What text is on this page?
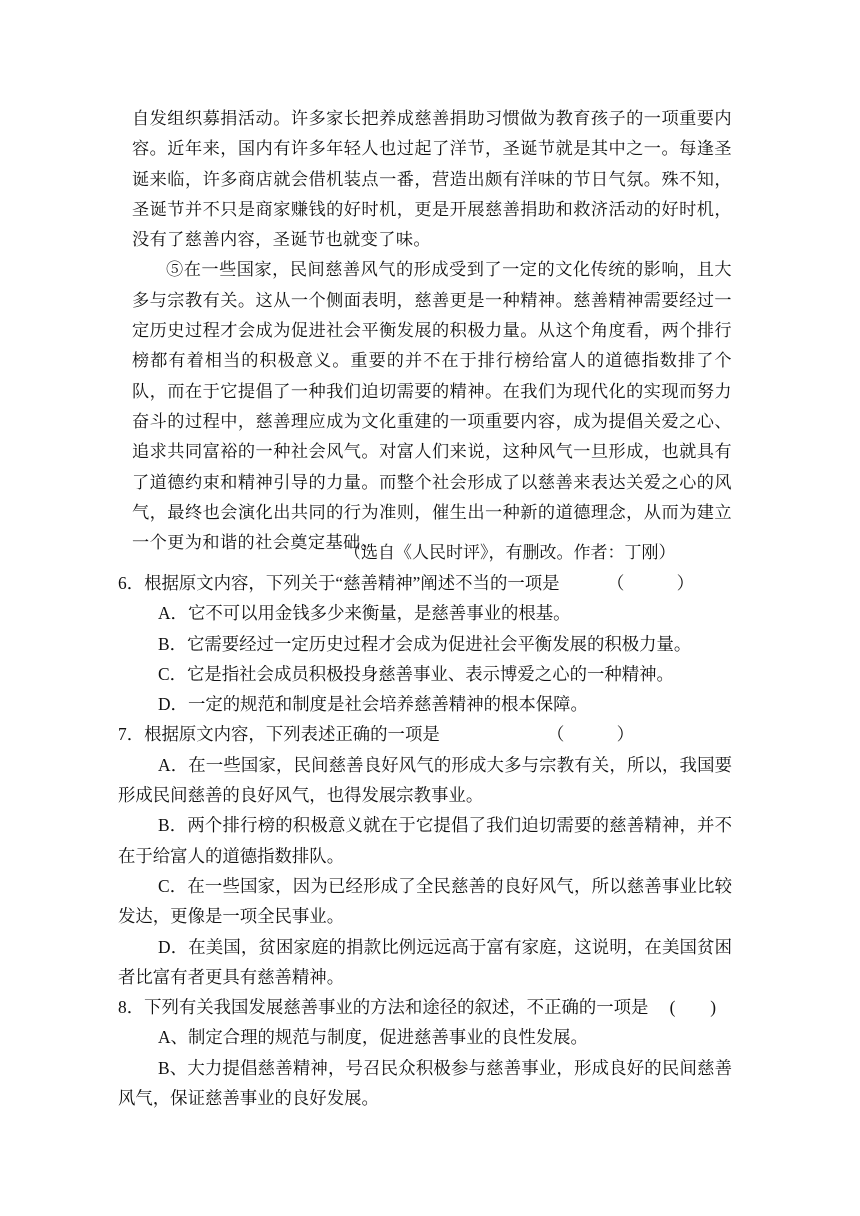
自发组织募捐活动。许多家长把养成慈善捐助习惯做为教育孩子的一项重要内容。近年来，国内有许多年轻人也过起了洋节，圣诞节就是其中之一。每逢圣诞来临，许多商店就会借机装点一番，营造出颇有洋味的节日气氛。殊不知，圣诞节并不只是商家赚钱的好时机，更是开展慈善捐助和救济活动的好时机，没有了慈善内容，圣诞节也就变了味。

⑤在一些国家，民间慈善风气的形成受到了一定的文化传统的影响，且大多与宗教有关。这从一个侧面表明，慈善更是一种精神。慈善精神需要经过一定历史过程才会成为促进社会平衡发展的积极力量。从这个角度看，两个排行榜都有着相当的积极意义。重要的并不在于排行榜给富人的道德指数排了个队，而在于它提倡了一种我们迫切需要的精神。在我们为现代化的实现而努力奋斗的过程中，慈善理应成为文化重建的一项重要内容，成为提倡关爱之心、追求共同富裕的一种社会风气。对富人们来说，这种风气一旦形成，也就具有了道德约束和精神引导的力量。而整个社会形成了以慈善来表达关爱之心的风气，最终也会演化出共同的行为准则，催生出一种新的道德理念，从而为建立一个更为和谐的社会奠定基础。

（选自《人民时评》，有删改。作者：丁刚）

6．根据原文内容，下列关于“慈善精神”阐述不当的一项是	（　　　）

A．它不可以用金钱多少来衡量，是慈善事业的根基。

B．它需要经过一定历史过程才会成为促进社会平衡发展的积极力量。

C．它是指社会成员积极投身慈善事业、表示博爱之心的一种精神。

D．一定的规范和制度是社会培养慈善精神的根本保障。

7．根据原文内容，下列表述正确的一项是	（　　　）

A．在一些国家，民间慈善良好风气的形成大多与宗教有关，所以，我国要形成民间慈善的良好风气，也得发展宗教事业。

B．两个排行榜的积极意义就在于它提倡了我们迫切需要的慈善精神，并不在于给富人的道德指数排队。

C．在一些国家，因为已经形成了全民慈善的良好风气，所以慈善事业比较发达，更像是一项全民事业。

D．在美国，贫困家庭的捐款比例远远高于富有家庭，这说明，在美国贫困者比富有者更具有慈善精神。

8．下列有关我国发展慈善事业的方法和途径的叙述，不正确的一项是 (　　)

A、制定合理的规范与制度，促进慈善事业的良性发展。

B、大力提倡慈善精神，号召民众积极参与慈善事业，形成良好的民间慈善风气，保证慈善事业的良好发展。
